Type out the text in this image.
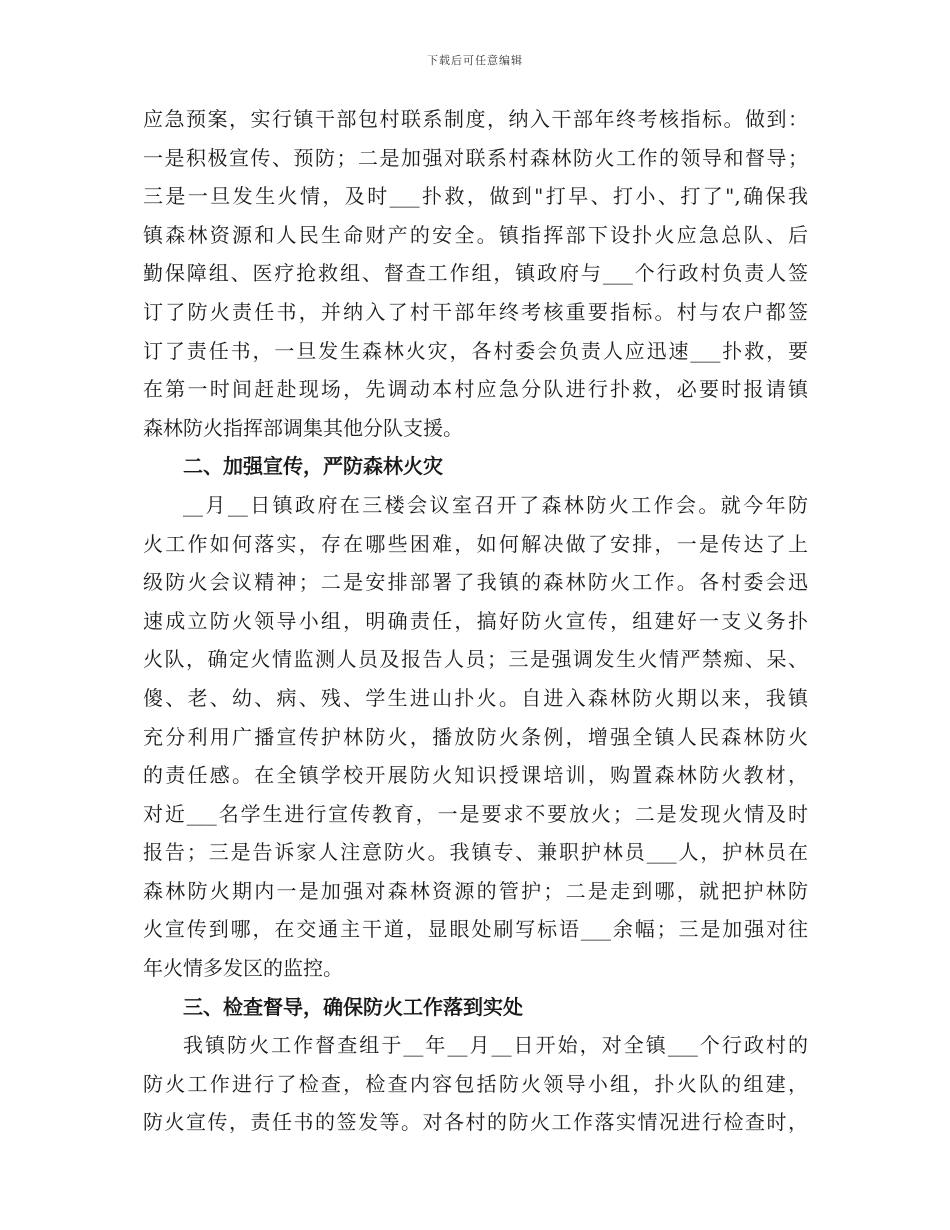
下载后可任意编辑
应急预案，实行镇干部包村联系制度，纳入干部年终考核指标。做到：
一是积极宣传、预防；二是加强对联系村森林防火工作的领导和督导；
三是一旦发生火情，及时___扑救，做到"打早、打小、打了",确保我
镇森林资源和人民生命财产的安全。镇指挥部下设扑火应急总队、后
勤保障组、医疗抢救组、督查工作组，镇政府与___个行政村负责人签
订了防火责任书，并纳入了村干部年终考核重要指标。村与农户都签
订了责任书，一旦发生森林火灾，各村委会负责人应迅速___扑救，要
在第一时间赶赴现场，先调动本村应急分队进行扑救，必要时报请镇
森林防火指挥部调集其他分队支援。
二、加强宣传，严防森林火灾
__月__日镇政府在三楼会议室召开了森林防火工作会。就今年防
火工作如何落实，存在哪些困难，如何解决做了安排，一是传达了上
级防火会议精神；二是安排部署了我镇的森林防火工作。各村委会迅
速成立防火领导小组，明确责任，搞好防火宣传，组建好一支义务扑
火队，确定火情监测人员及报告人员；三是强调发生火情严禁痴、呆、
傻、老、幼、病、残、学生进山扑火。自进入森林防火期以来，我镇
充分利用广播宣传护林防火，播放防火条例，增强全镇人民森林防火
的责任感。在全镇学校开展防火知识授课培训，购置森林防火教材，
对近___名学生进行宣传教育，一是要求不要放火；二是发现火情及时
报告；三是告诉家人注意防火。我镇专、兼职护林员___人，护林员在
森林防火期内一是加强对森林资源的管护；二是走到哪，就把护林防
火宣传到哪，在交通主干道，显眼处刷写标语___余幅；三是加强对往
年火情多发区的监控。
三、检查督导，确保防火工作落到实处
我镇防火工作督查组于__年__月__日开始，对全镇___个行政村的
防火工作进行了检查，检查内容包括防火领导小组，扑火队的组建，
防火宣传，责任书的签发等。对各村的防火工作落实情况进行检查时，
